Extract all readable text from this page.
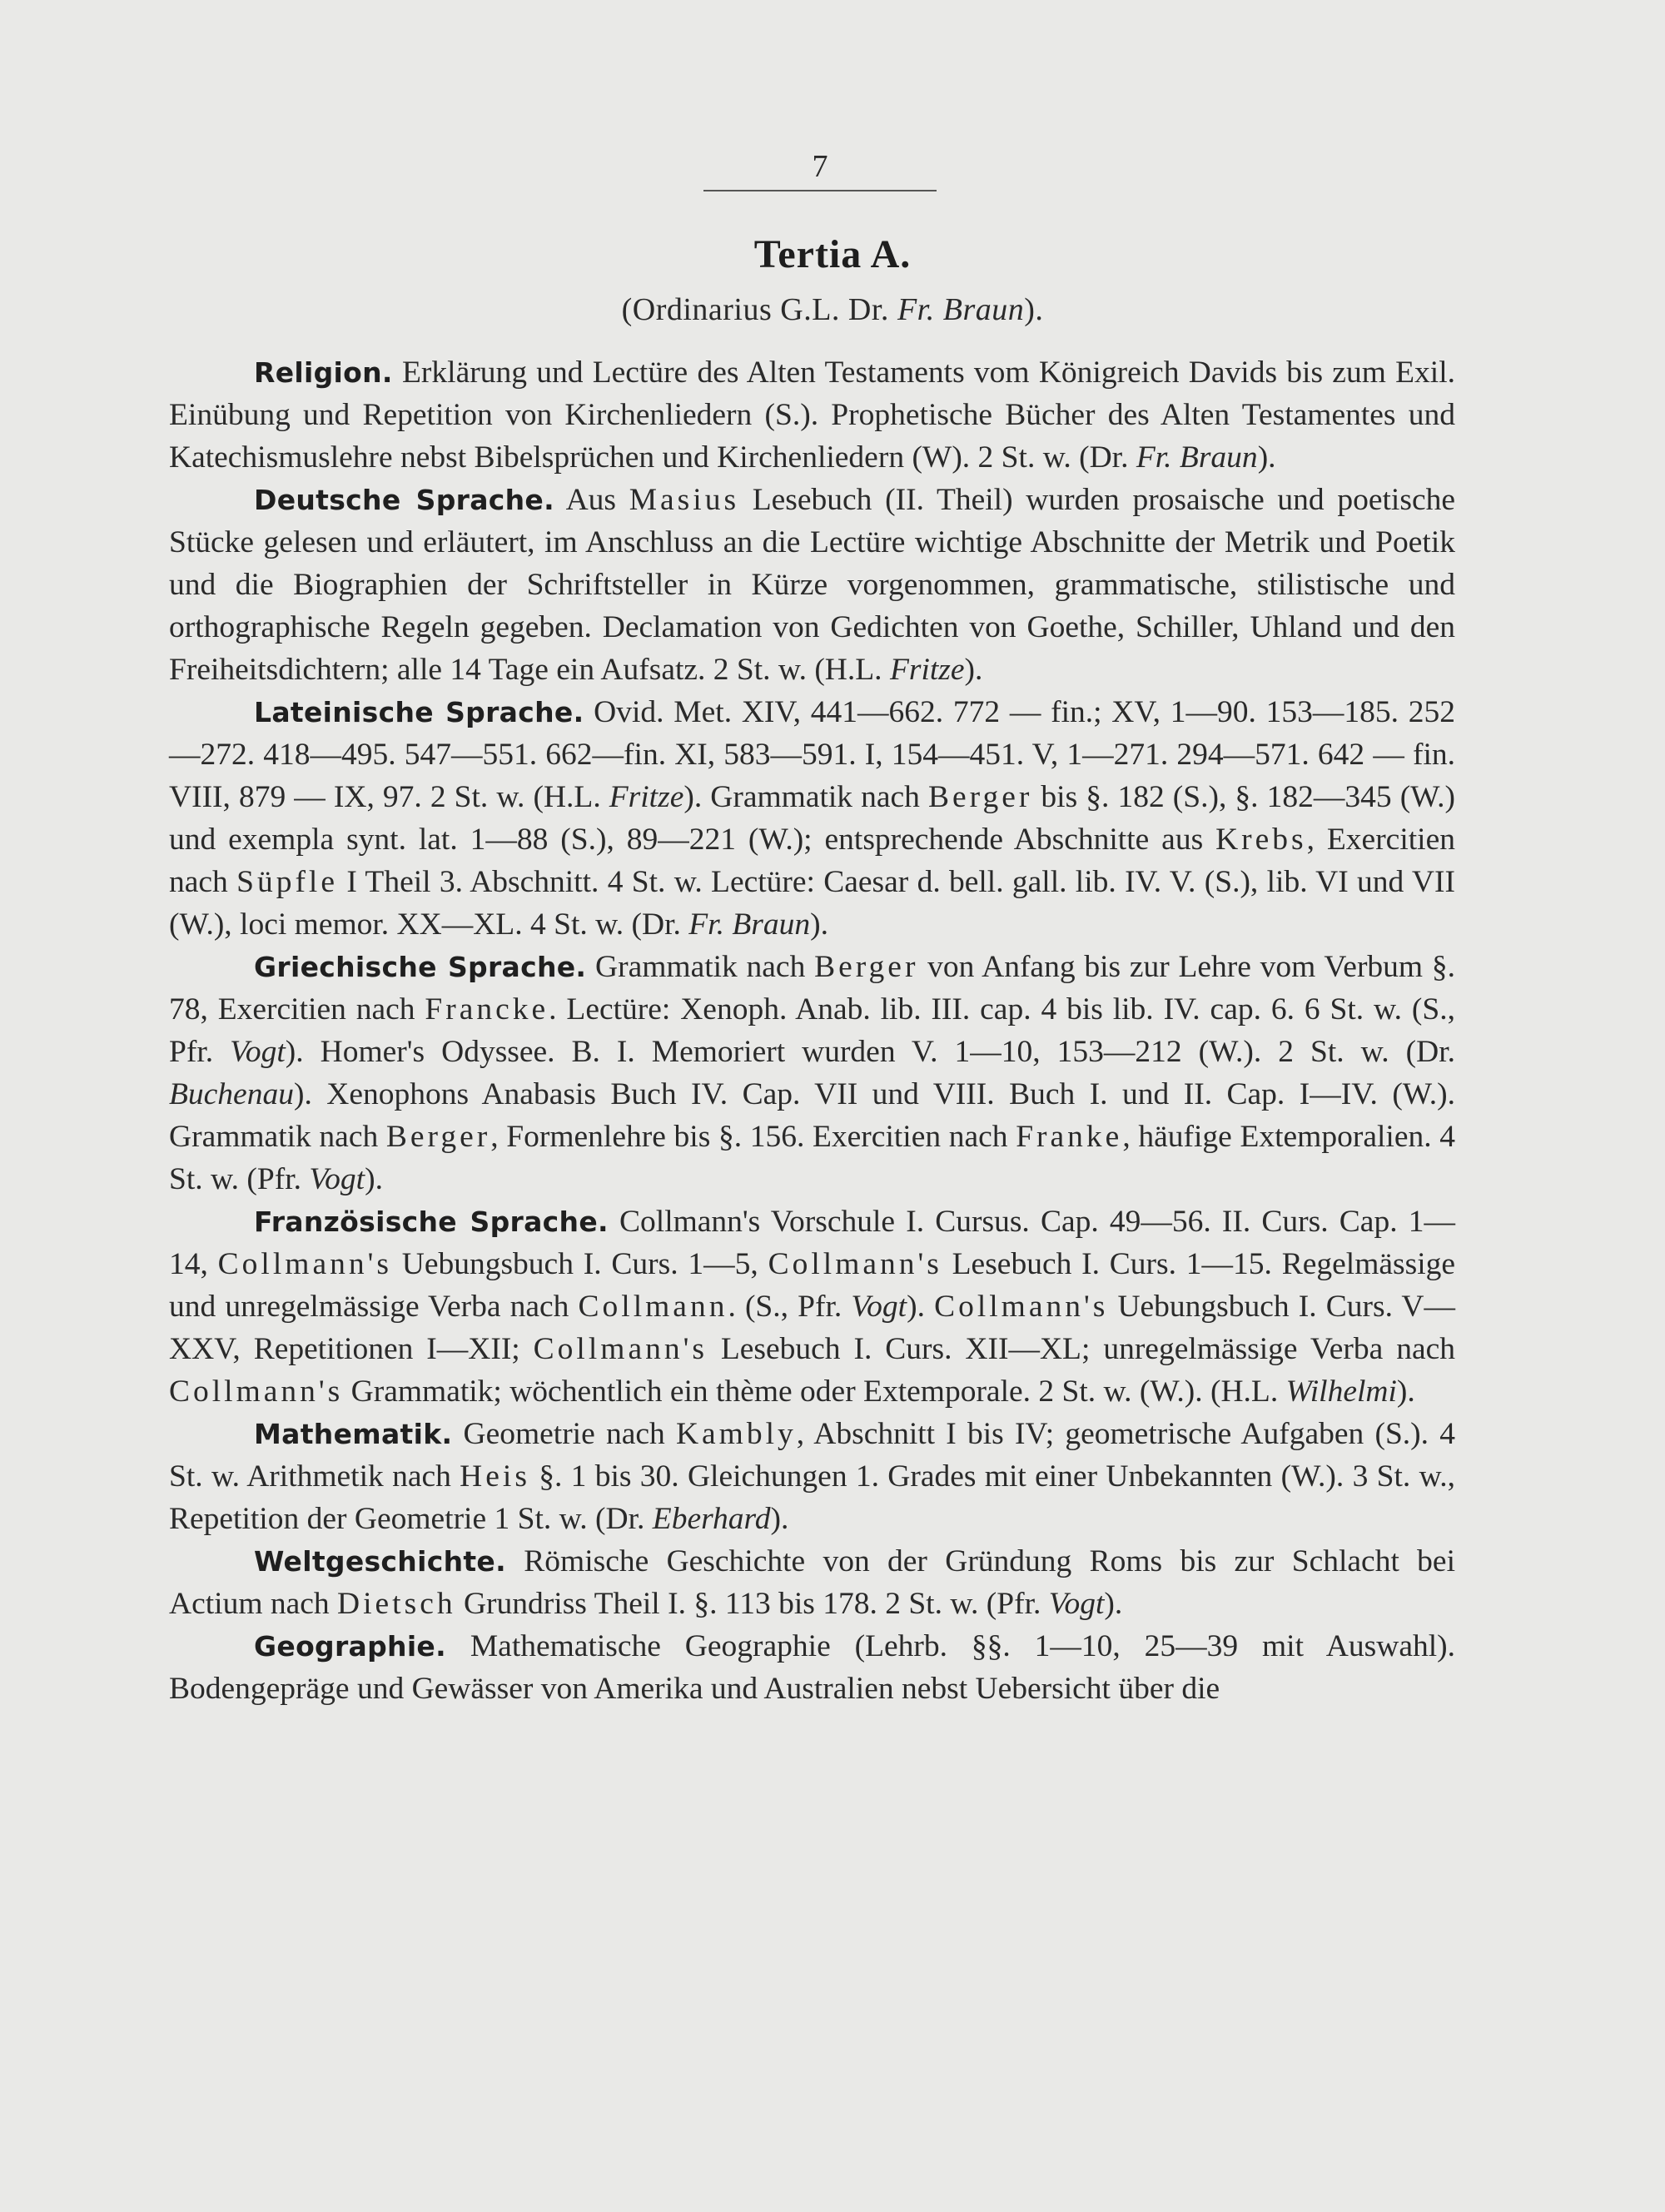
7
Tertia A.
(Ordinarius G.L. Dr. Fr. Braun).

Religion. Erklärung und Lectüre des Alten Testaments vom Königreich Davids bis zum Exil. Einübung und Repetition von Kirchenliedern (S.). Prophetische Bücher des Alten Testamentes und Katechismuslehre nebst Bibelsprüchen und Kirchenliedern (W). 2 St. w. (Dr. Fr. Braun).

Deutsche Sprache. Aus Masius Lesebuch (II. Theil) wurden prosaische und poetische Stücke gelesen und erläutert, im Anschluss an die Lectüre wichtige Abschnitte der Metrik und Poetik und die Biographien der Schriftsteller in Kürze vorgenommen, grammatische, stilistische und orthographische Regeln gegeben. Declamation von Gedichten von Goethe, Schiller, Uhland und den Freiheitsdichtern; alle 14 Tage ein Aufsatz. 2 St. w. (H.L. Fritze).

Lateinische Sprache. Ovid. Met. XIV, 441—662. 772 — fin.; XV, 1—90. 153—185. 252—272. 418—495. 547—551. 662—fin. XI, 583—591. I, 154—451. V, 1—271. 294—571. 642 — fin. VIII, 879 — IX, 97. 2 St. w. (H.L. Fritze). Grammatik nach Berger bis §. 182 (S.), §. 182—345 (W.) und exempla synt. lat. 1—88 (S.), 89—221 (W.); entsprechende Abschnitte aus Krebs, Exercitien nach Süpfle I Theil 3. Abschnitt. 4 St. w. Lectüre: Caesar d. bell. gall. lib. IV. V. (S.), lib. VI und VII (W.), loci memor. XX—XL. 4 St. w. (Dr. Fr. Braun).

Griechische Sprache. Grammatik nach Berger von Anfang bis zur Lehre vom Verbum §. 78, Exercitien nach Francke. Lectüre: Xenoph. Anab. lib. III. cap. 4 bis lib. IV. cap. 6. 6 St. w. (S., Pfr. Vogt). Homer's Odyssee. B. I. Memoriert wurden V. 1—10, 153—212 (W.). 2 St. w. (Dr. Buchenau). Xenophons Anabasis Buch IV. Cap. VII und VIII. Buch I. und II. Cap. I—IV. (W.). Grammatik nach Berger, Formenlehre bis §. 156. Exercitien nach Franke, häufige Extemporalien. 4 St. w. (Pfr. Vogt).

Französische Sprache. Collmann's Vorschule I. Cursus. Cap. 49—56. II. Curs. Cap. 1—14, Collmann's Uebungsbuch I. Curs. 1—5, Collmann's Lesebuch I. Curs. 1—15. Regelmässige und unregelmässige Verba nach Collmann. (S., Pfr. Vogt). Collmann's Uebungsbuch I. Curs. V—XXV, Repetitionen I—XII; Collmann's Lesebuch I. Curs. XII—XL; unregelmässige Verba nach Collmann's Grammatik; wöchentlich ein thème oder Extemporale. 2 St. w. (W.). (H.L. Wilhelmi).

Mathematik. Geometrie nach Kambly, Abschnitt I bis IV; geometrische Aufgaben (S.). 4 St. w. Arithmetik nach Heis §. 1 bis 30. Gleichungen 1. Grades mit einer Unbekannten (W.). 3 St. w., Repetition der Geometrie 1 St. w. (Dr. Eberhard).

Weltgeschichte. Römische Geschichte von der Gründung Roms bis zur Schlacht bei Actium nach Dietsch Grundriss Theil I. §. 113 bis 178. 2 St. w. (Pfr. Vogt).

Geographie. Mathematische Geographie (Lehrb. §§. 1—10, 25—39 mit Auswahl). Bodengepräge und Gewässer von Amerika und Australien nebst Uebersicht über die
